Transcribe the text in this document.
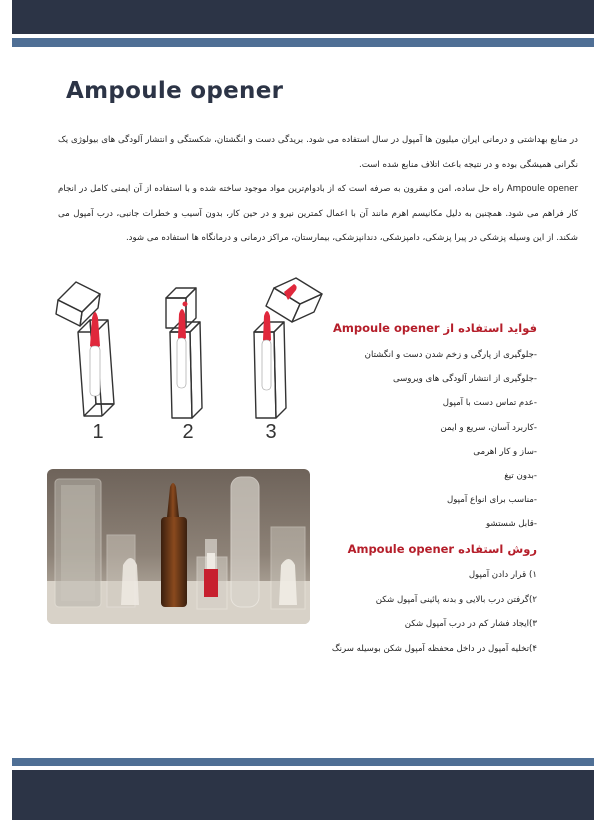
Ampoule opener

در منابع بهداشتی و درمانی ایران میلیون ها آمپول در سال استفاده می شود. بریدگی دست و انگشتان، شکستگی و انتشار آلودگی های بیولوژی یک نگرانی همیشگی بوده و در نتیجه باعث اتلاف منابع شده است.

Ampoule opener راه حل ساده، امن و مقرون به صرفه است که از بادوام‌ترین مواد موجود ساخته شده و با استفاده از آن ایمنی کامل در انجام کار فراهم می شود. همچنین به دلیل مکانیسم اهرم مانند آن با اعمال کمترین نیرو و در حین کار، بدون آسیب و خطرات جانبی، درب آمپول می شکند. از این وسیله پزشکی در پیرا پزشکی، دامپزشکی، دندانپزشکی، بیمارستان، مراکز درمانی و درمانگاه ها استفاده می شود.

1	2	3
فواید استفاده از Ampoule opener
-جلوگیری از پارگی و زخم شدن دست و انگشتان
-جلوگیری از انتشار آلودگی های ویروسی
-عدم تماس دست با آمپول
-کاربرد آسان، سریع و ایمن
-ساز و کار اهرمی
-بدون تیغ
-مناسب برای انواع آمپول
-قابل شستشو
روش استفاده Ampoule opener
۱) قرار دادن آمپول
۲)گرفتن درب بالایی و بدنه پائینی آمپول شکن
۳)ایجاد فشار کم در درب آمپول شکن
۴)تخلیه آمپول در داخل محفظه آمپول شکن بوسیله سرنگ
